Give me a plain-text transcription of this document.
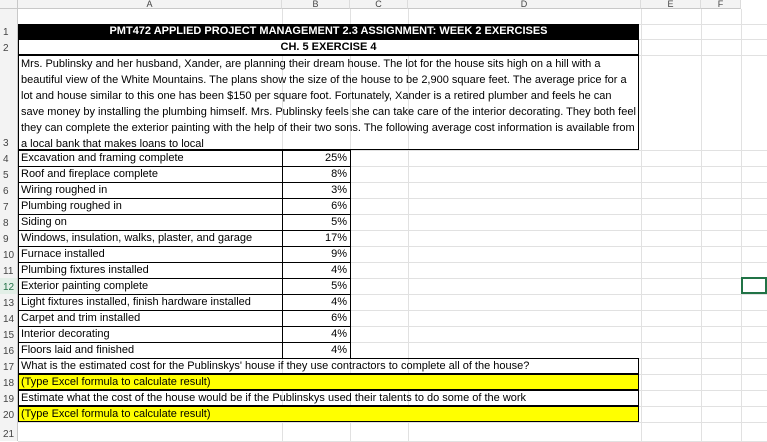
A	B	C	D	E	F
1
2
3
4
5
6
7
8
9
10
11
12
13
14
15
16
17
18
19
20
21
PMT472 APPLIED PROJECT MANAGEMENT 2.3 ASSIGNMENT: WEEK 2 EXERCISES
CH. 5 EXERCISE 4
Mrs. Publinsky and her husband, Xander, are planning their dream house. The lot for the house sits high on a hill with a beautiful view of the White Mountains. The plans show the size of the house to be 2,900 square feet. The average price for a lot and house similar to this one has been $150 per square foot. Fortunately, Xander is a retired plumber and feels he can save money by installing the plumbing himself. Mrs. Publinsky feels she can take care of the interior decorating. They both feel they can complete the exterior painting with the help of their two sons. The following average cost information is available from a local bank that makes loans to local
Excavation and framing complete	25%
Roof and fireplace complete	8%
Wiring roughed in	3%
Plumbing roughed in	6%
Siding on	5%
Windows, insulation, walks, plaster, and garage	17%
Furnace installed	9%
Plumbing fixtures installed	4%
Exterior painting complete	5%
Light fixtures installed, finish hardware installed	4%
Carpet and trim installed	6%
Interior decorating	4%
Floors laid and finished	4%
What is the estimated cost for the Publinskys' house if they use contractors to complete all of the house?
(Type Excel formula to calculate result)
Estimate what the cost of the house would be if the Publinskys used their talents to do some of the work
(Type Excel formula to calculate result)
